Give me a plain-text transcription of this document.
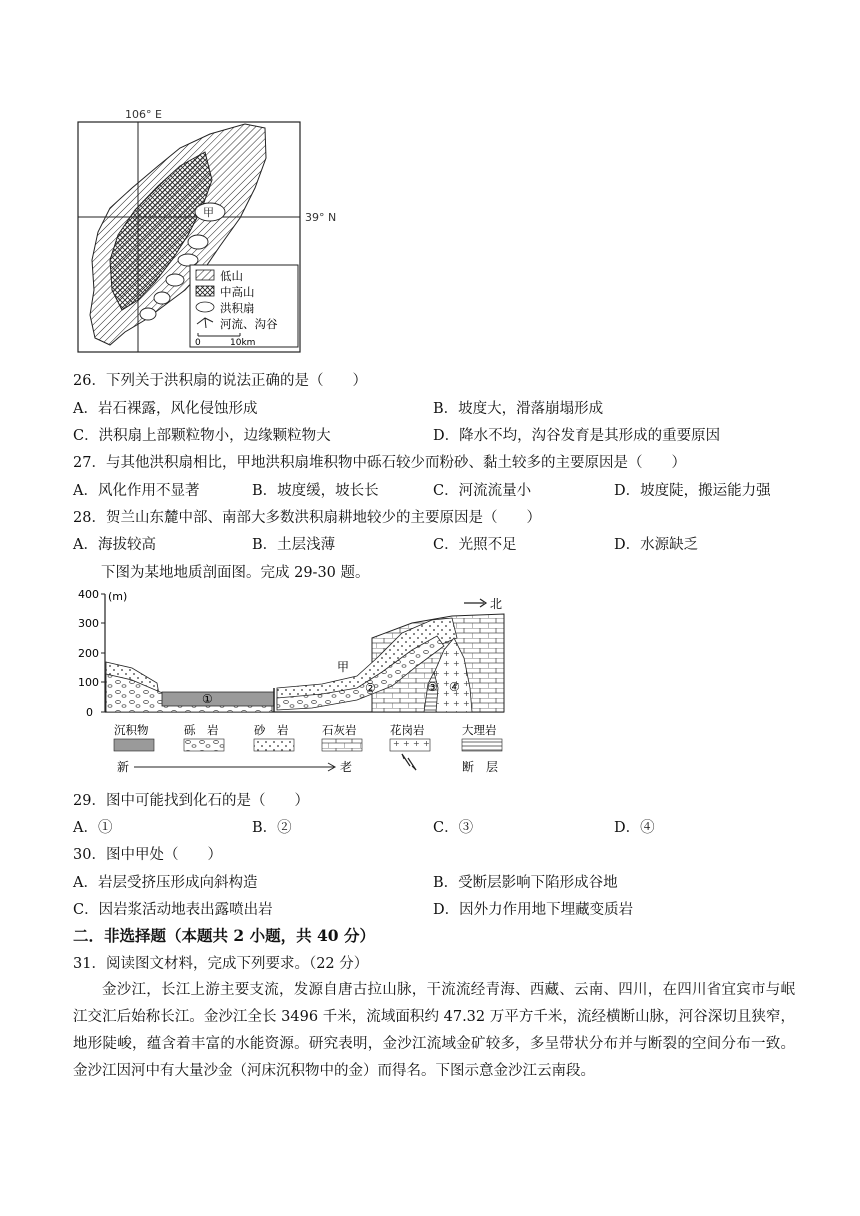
106° E
39° N
甲
低山
中高山
洪积扇
河流、沟谷
0	10km
26．下列关于洪积扇的说法正确的是（　　）
A．岩石裸露，风化侵蚀形成	B．坡度大，滑落崩塌形成
C．洪积扇上部颗粒物小，边缘颗粒物大	D．降水不均，沟谷发育是其形成的重要原因
27．与其他洪积扇相比，甲地洪积扇堆积物中砾石较少而粉砂、黏土较多的主要原因是（　　）
A．风化作用不显著	B．坡度缓，坡长长	C．河流流量小	D．坡度陡，搬运能力强
28．贺兰山东麓中部、南部大多数洪积扇耕地较少的主要原因是（　　）
A．海拔较高	B．土层浅薄	C．光照不足	D．水源缺乏
下图为某地地质剖面图。完成 29-30 题。
400
300
200
100
0
(m)
北
甲
①
②	③ ④
沉积物	砾　岩	砂　岩	石灰岩	花岗岩	大理岩
新	老	断　层
29．图中可能找到化石的是（　　）
A．①	B．②	C．③	D．④
30．图中甲处（　　）
A．岩层受挤压形成向斜构造	B．受断层影响下陷形成谷地
C．因岩浆活动地表出露喷出岩	D．因外力作用地下埋藏变质岩
二．非选择题（本题共 2 小题，共 40 分）
31．阅读图文材料，完成下列要求。（22 分）
金沙江，长江上游主要支流，发源自唐古拉山脉，干流流经青海、西藏、云南、四川，在四川省宜宾市与岷江交汇后始称长江。金沙江全长 3496 千米，流域面积约 47.32 万平方千米，流经横断山脉，河谷深切且狭窄，地形陡峻，蕴含着丰富的水能资源。研究表明，金沙江流域金矿较多，多呈带状分布并与断裂的空间分布一致。金沙江因河中有大量沙金（河床沉积物中的金）而得名。下图示意金沙江云南段。
